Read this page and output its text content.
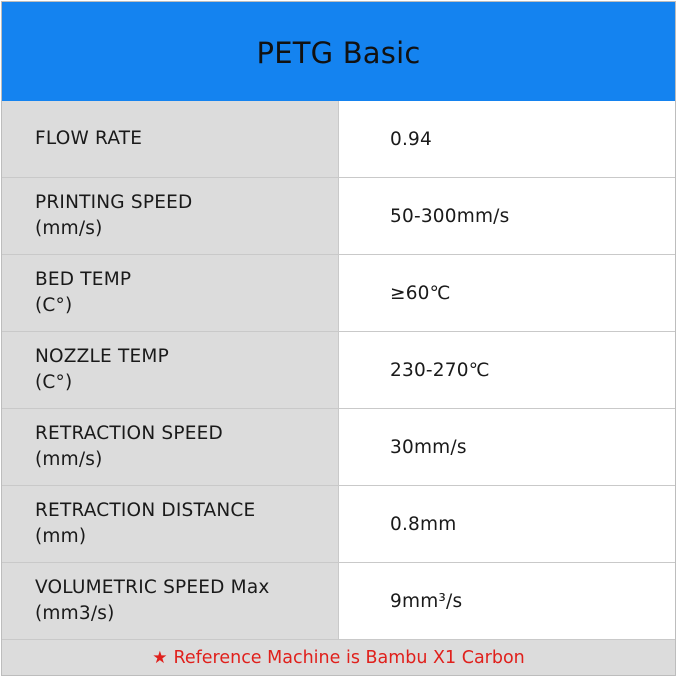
PETG Basic
FLOW RATE	0.94
PRINTING SPEED
(mm/s)
50-300mm/s
BED TEMP
(C°)
≥60℃
NOZZLE TEMP
(C°)
230-270℃
RETRACTION SPEED
(mm/s)
30mm/s
RETRACTION DISTANCE
(mm)
0.8mm
VOLUMETRIC SPEED Max
(mm3/s)
9mm³/s
★ Reference Machine is Bambu X1 Carbon
